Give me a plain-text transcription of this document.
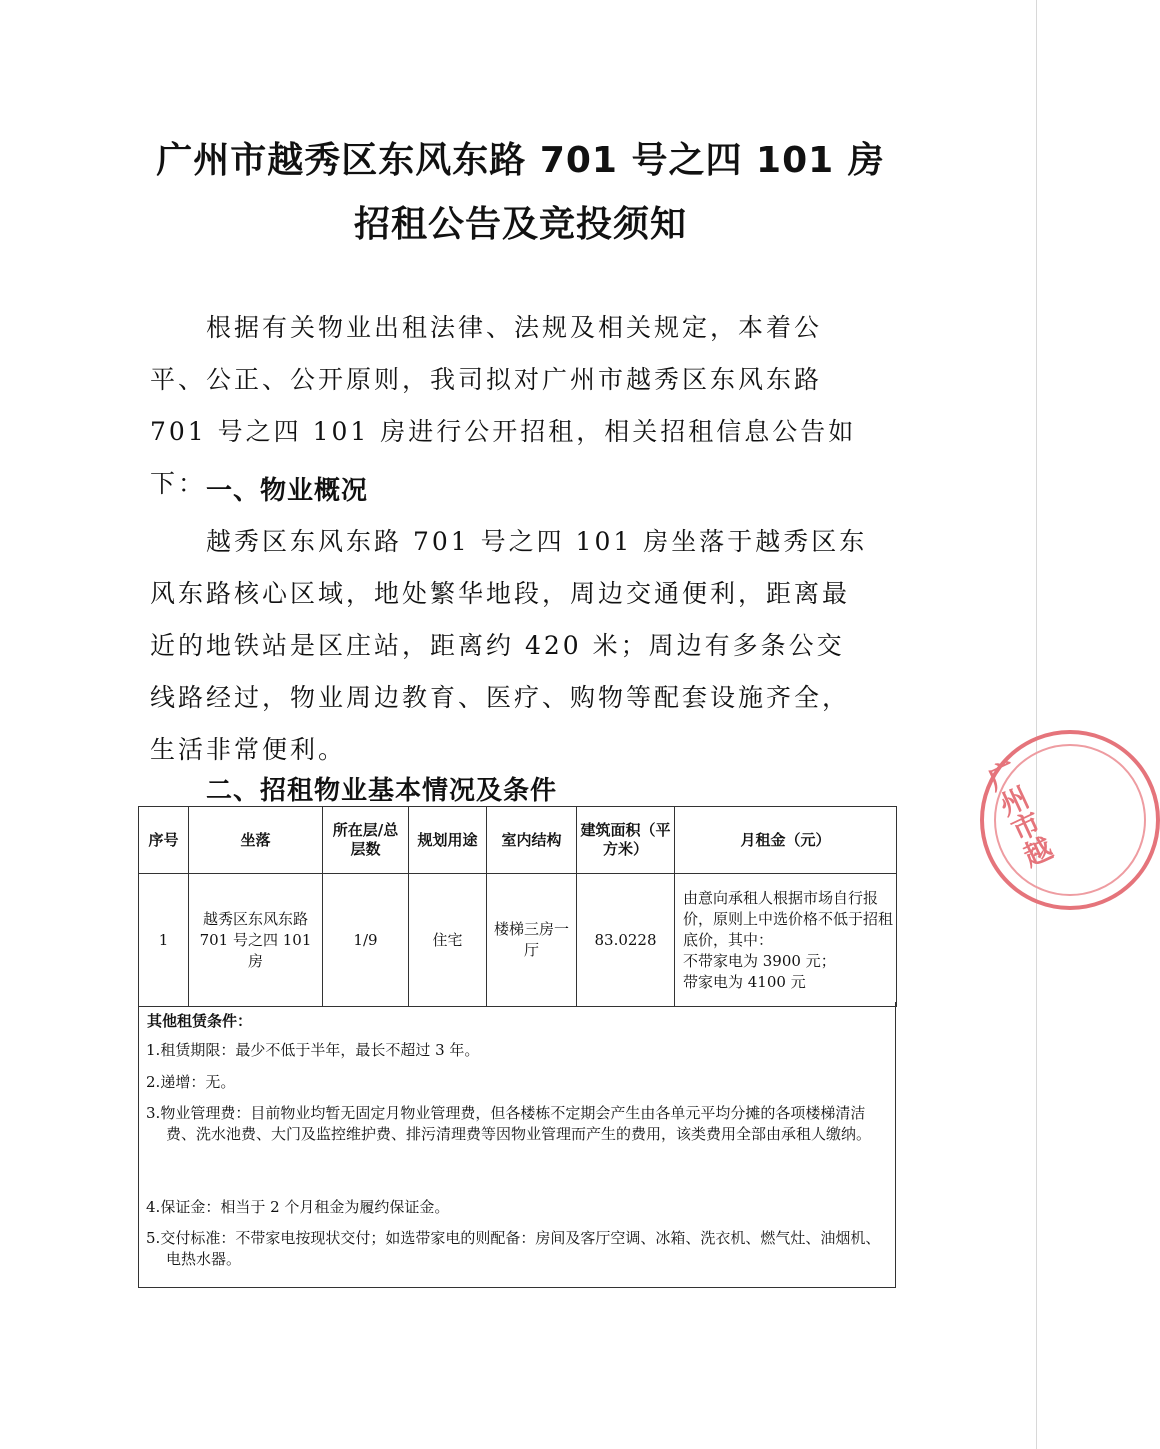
广州市越秀区东风东路 701 号之四 101 房
招租公告及竞投须知
根据有关物业出租法律、法规及相关规定，本着公平、公正、公开原则，我司拟对广州市越秀区东风东路 701 号之四 101 房进行公开招租，相关招租信息公告如下： 一、物业概况
越秀区东风东路 701 号之四 101 房坐落于越秀区东风东路核心区域，地处繁华地段，周边交通便利，距离最近的地铁站是区庄站，距离约 420 米；周边有多条公交线路经过，物业周边教育、医疗、购物等配套设施齐全，生活非常便利。
二、招租物业基本情况及条件
序号	坐落	所在层/总层数	规划用途	室内结构	建筑面积（平方米）	月租金（元）
1	越秀区东风东路 701 号之四 101 房	1/9	住宅	楼梯三房一厅	83.0228	由意向承租人根据市场自行报价，原则上中选价格不低于招租底价，其中：
不带家电为 3900 元；
带家电为 4100 元
其他租赁条件：
1.租赁期限：最少不低于半年，最长不超过 3 年。
2.递增：无。
3.物业管理费：目前物业均暂无固定月物业管理费，但各楼栋不定期会产生由各单元平均分摊的各项楼梯清洁费、洗水池费、大门及监控维护费、排污清理费等因物业管理而产生的费用，该类费用全部由承租人缴纳。
4.保证金：相当于 2 个月租金为履约保证金。
5.交付标准：不带家电按现状交付；如选带家电的则配备：房间及客厅空调、冰箱、洗衣机、燃气灶、油烟机、电热水器。
广州市越
